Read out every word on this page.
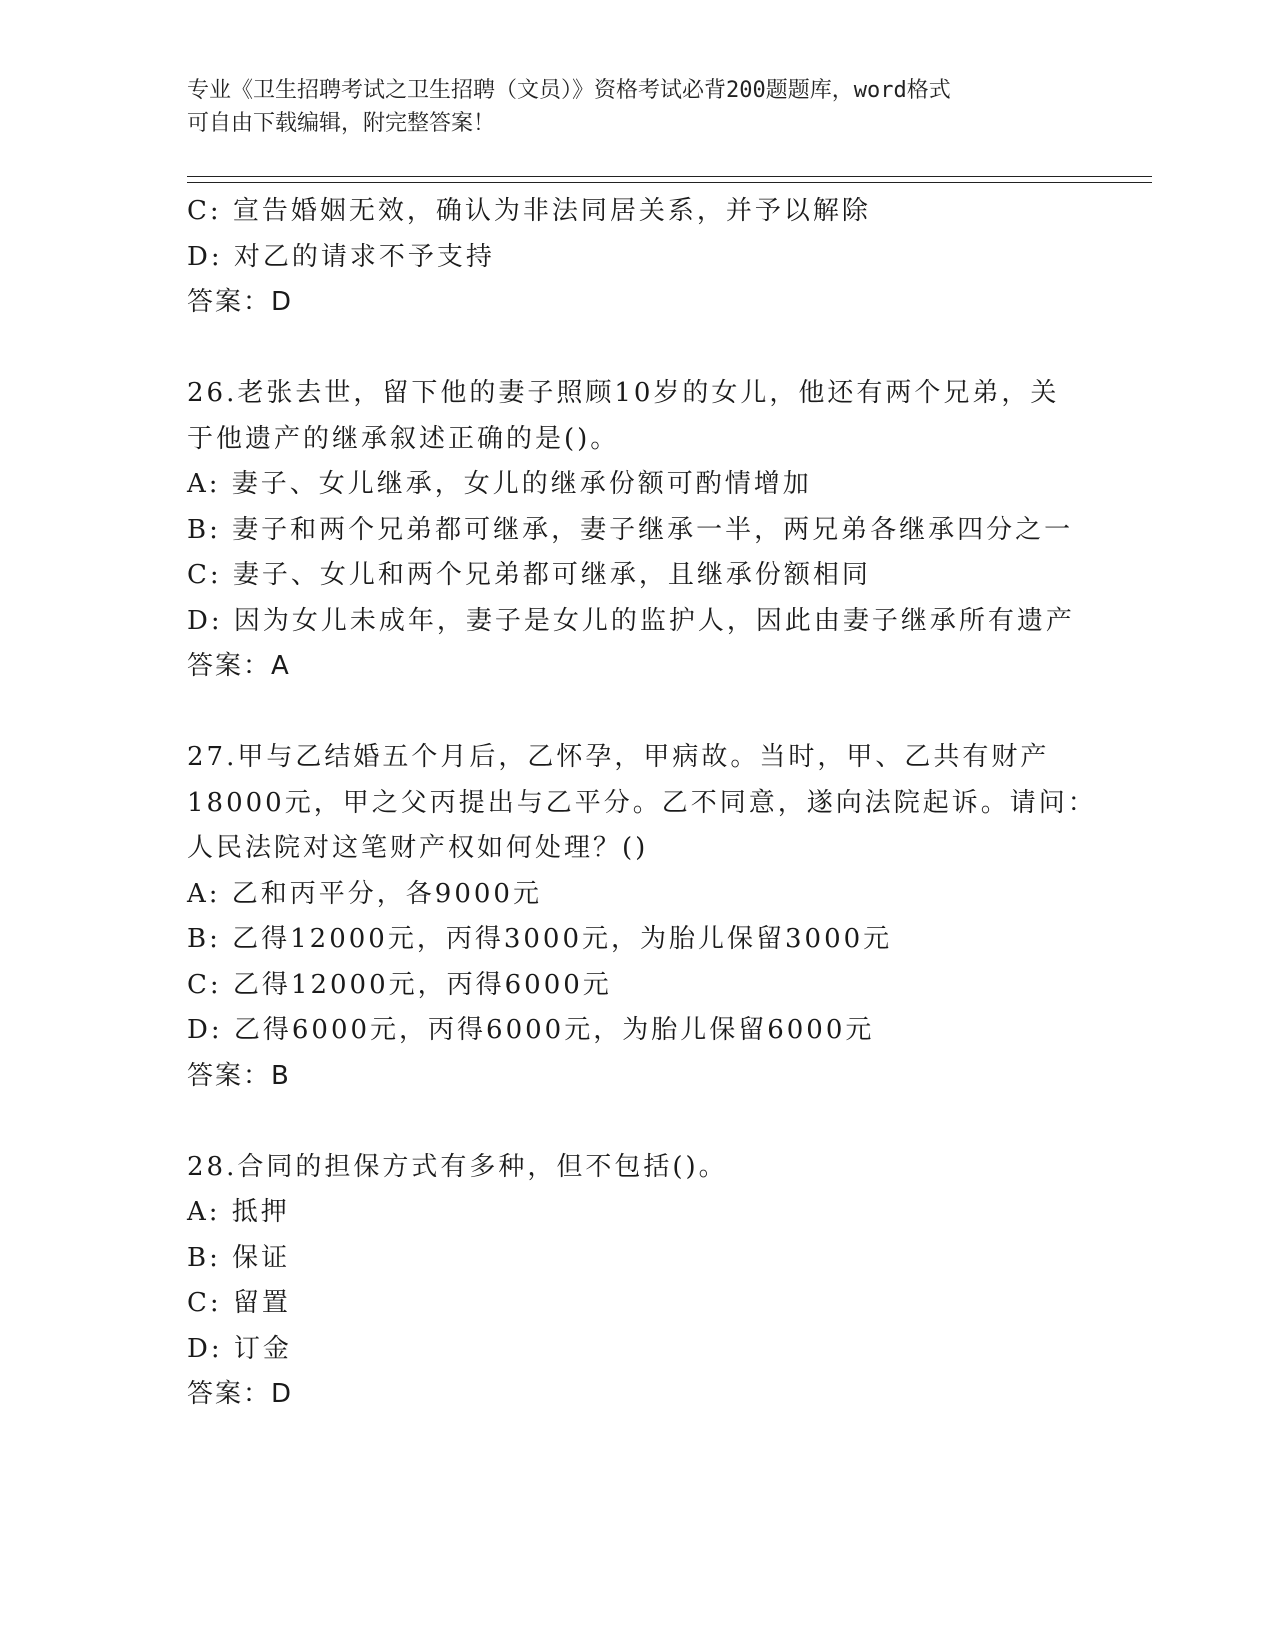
专业《卫生招聘考试之卫生招聘（文员）》资格考试必背200题题库，word格式
可自由下载编辑，附完整答案！
C: 宣告婚姻无效，确认为非法同居关系，并予以解除
D: 对乙的请求不予支持
答案：D
26.老张去世，留下他的妻子照顾10岁的女儿，他还有两个兄弟，关
于他遗产的继承叙述正确的是()。
A: 妻子、女儿继承，女儿的继承份额可酌情增加
B: 妻子和两个兄弟都可继承，妻子继承一半，两兄弟各继承四分之一
C: 妻子、女儿和两个兄弟都可继承，且继承份额相同
D: 因为女儿未成年，妻子是女儿的监护人，因此由妻子继承所有遗产
答案：A
27.甲与乙结婚五个月后，乙怀孕，甲病故。当时，甲、乙共有财产
18000元，甲之父丙提出与乙平分。乙不同意，遂向法院起诉。请问：
人民法院对这笔财产权如何处理？()
A: 乙和丙平分，各9000元
B: 乙得12000元，丙得3000元，为胎儿保留3000元
C: 乙得12000元，丙得6000元
D: 乙得6000元，丙得6000元，为胎儿保留6000元
答案：B
28.合同的担保方式有多种，但不包括()。
A: 抵押
B: 保证
C: 留置
D: 订金
答案：D
